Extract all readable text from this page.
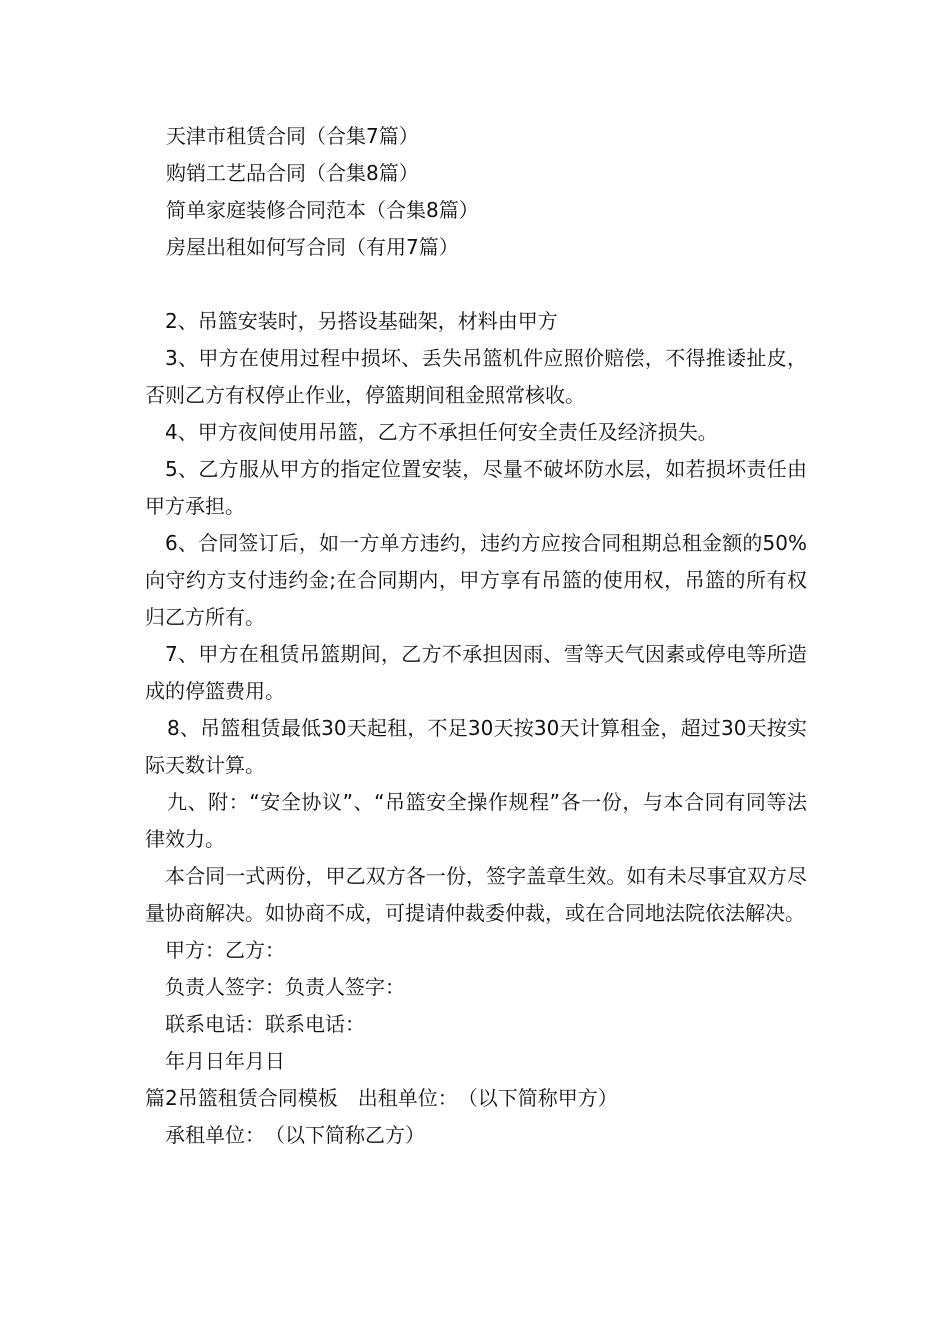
天津市租赁合同（合集7篇）
购销工艺品合同（合集8篇）
简单家庭装修合同范本（合集8篇）
房屋出租如何写合同（有用7篇）

2、吊篮安装时，另搭设基础架，材料由甲方

3、甲方在使用过程中损坏、丢失吊篮机件应照价赔偿，不得推诿扯皮，否则乙方有权停止作业，停篮期间租金照常核收。

4、甲方夜间使用吊篮，乙方不承担任何安全责任及经济损失。

5、乙方服从甲方的指定位置安装，尽量不破坏防水层，如若损坏责任由甲方承担。

6、合同签订后，如一方单方违约，违约方应按合同租期总租金额的50%向守约方支付违约金;在合同期内，甲方享有吊篮的使用权，吊篮的所有权归乙方所有。

7、甲方在租赁吊篮期间，乙方不承担因雨、雪等天气因素或停电等所造成的停篮费用。

8、吊篮租赁最低30天起租，不足30天按30天计算租金，超过30天按实际天数计算。

九、附：“安全协议”、“吊篮安全操作规程”各一份，与本合同有同等法律效力。

本合同一式两份，甲乙双方各一份，签字盖章生效。如有未尽事宜双方尽量协商解决。如协商不成，可提请仲裁委仲裁，或在合同地法院依法解决。

甲方：乙方：

负责人签字：负责人签字：

联系电话：联系电话：

年月日年月日

篇2吊篮租赁合同模板　出租单位：　（以下简称甲方）

承租单位：　（以下简称乙方）
